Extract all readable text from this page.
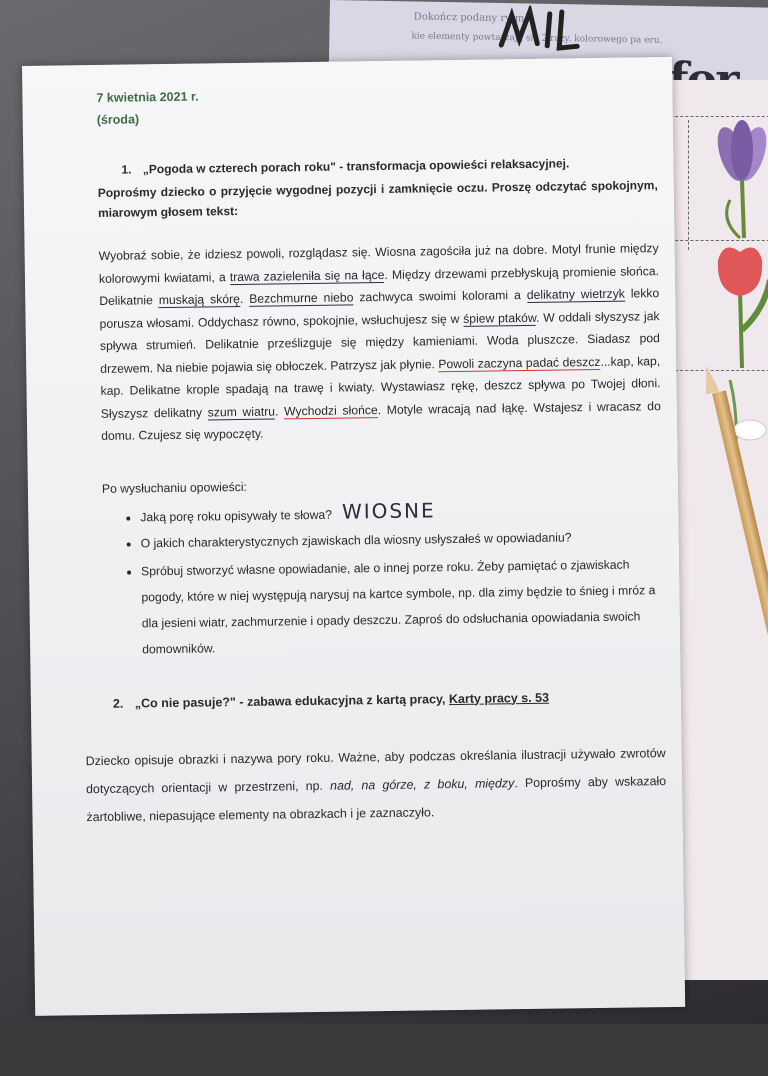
Dokończ podany rytm.
kie elementy powtarzają się 2 razy. kolorowego pa eru.
7 kwietnia 2021 r.
(środa)
1. „Pogoda w czterech porach roku" - transformacja opowieści relaksacyjnej.
Poprośmy dziecko o przyjęcie wygodnej pozycji i zamknięcie oczu. Proszę odczytać spokojnym, miarowym głosem tekst:
Wyobraź sobie, że idziesz powoli, rozglądasz się. Wiosna zagościła już na dobre. Motyl frunie między kolorowymi kwiatami, a trawa zazieleniła się na łące. Między drzewami przebłyskują promienie słońca. Delikatnie muskają skórę. Bezchmurne niebo zachwyca swoimi kolorami a delikatny wietrzyk lekko porusza włosami. Oddychasz równo, spokojnie, wsłuchujesz się w śpiew ptaków. W oddali słyszysz jak spływa strumień. Delikatnie prześlizguje się między kamieniami. Woda pluszcze. Siadasz pod drzewem. Na niebie pojawia się obłoczek. Patrzysz jak płynie. Powoli zaczyna padać deszcz...kap, kap, kap. Delikatne krople spadają na trawę i kwiaty. Wystawiasz rękę, deszcz spływa po Twojej dłoni. Słyszysz delikatny szum wiatru. Wychodzi słońce. Motyle wracają nad łąkę. Wstajesz i wracasz do domu. Czujesz się wypoczęty.
Po wysłuchaniu opowieści:
• Jaką porę roku opisywały te słowa? WIOSNE
• O jakich charakterystycznych zjawiskach dla wiosny usłyszałeś w opowiadaniu?
• Spróbuj stworzyć własne opowiadanie, ale o innej porze roku. Żeby pamiętać o zjawiskach pogody, które w niej występują narysuj na kartce symbole, np. dla zimy będzie to śnieg i mróz a dla jesieni wiatr, zachmurzenie i opady deszczu. Zaproś do odsłuchania opowiadania swoich domowników.
2. „Co nie pasuje?" - zabawa edukacyjna z kartą pracy, Karty pracy s. 53
Dziecko opisuje obrazki i nazywa pory roku. Ważne, aby podczas określania ilustracji używało zwrotów dotyczących orientacji w przestrzeni, np. nad, na górze, z boku, między. Poprośmy aby wskazało żartobliwe, niepasujące elementy na obrazkach i je zaznaczyło.
